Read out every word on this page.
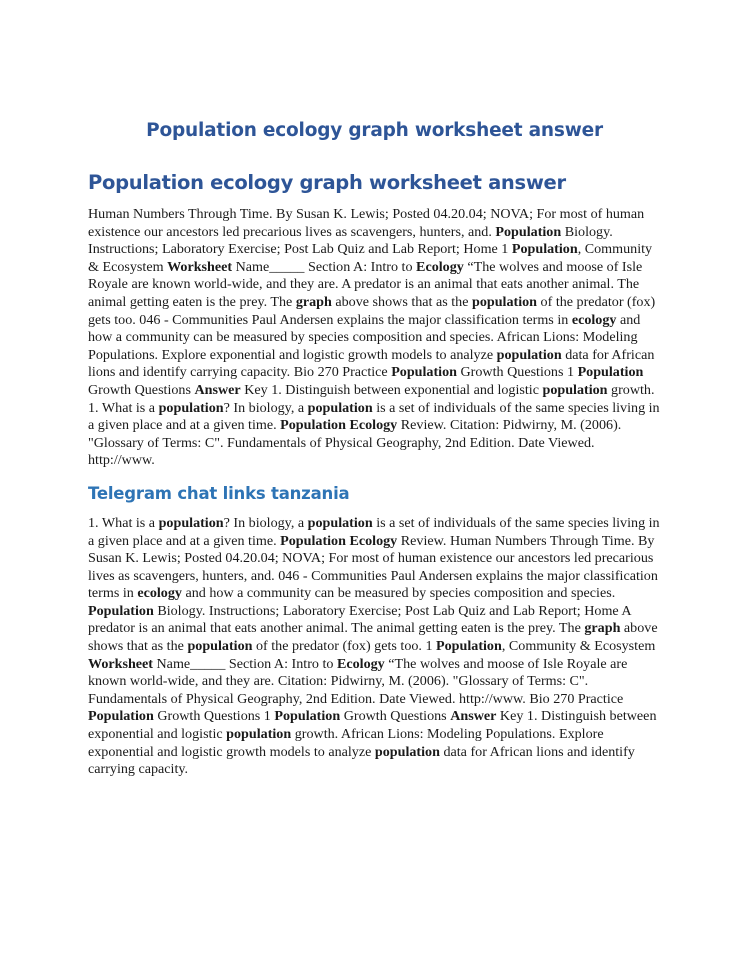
Population ecology graph worksheet answer
Population ecology graph worksheet answer

Human Numbers Through Time. By Susan K. Lewis; Posted 04.20.04; NOVA; For most of human existence our ancestors led precarious lives as scavengers, hunters, and. Population Biology. Instructions; Laboratory Exercise; Post Lab Quiz and Lab Report; Home 1 Population, Community & Ecosystem Worksheet Name_____ Section A: Intro to Ecology “The wolves and moose of Isle Royale are known world-wide, and they are. A predator is an animal that eats another animal. The animal getting eaten is the prey. The graph above shows that as the population of the predator (fox) gets too. 046 - Communities Paul Andersen explains the major classification terms in ecology and how a community can be measured by species composition and species. African Lions: Modeling Populations. Explore exponential and logistic growth models to analyze population data for African lions and identify carrying capacity. Bio 270 Practice Population Growth Questions 1 Population Growth Questions Answer Key 1. Distinguish between exponential and logistic population growth. 1. What is a population? In biology, a population is a set of individuals of the same species living in a given place and at a given time. Population Ecology Review. Citation: Pidwirny, M. (2006). "Glossary of Terms: C". Fundamentals of Physical Geography, 2nd Edition. Date Viewed. http://www.

Telegram chat links tanzania

1. What is a population? In biology, a population is a set of individuals of the same species living in a given place and at a given time. Population Ecology Review. Human Numbers Through Time. By Susan K. Lewis; Posted 04.20.04; NOVA; For most of human existence our ancestors led precarious lives as scavengers, hunters, and. 046 - Communities Paul Andersen explains the major classification terms in ecology and how a community can be measured by species composition and species. Population Biology. Instructions; Laboratory Exercise; Post Lab Quiz and Lab Report; Home A predator is an animal that eats another animal. The animal getting eaten is the prey. The graph above shows that as the population of the predator (fox) gets too. 1 Population, Community & Ecosystem Worksheet Name_____ Section A: Intro to Ecology “The wolves and moose of Isle Royale are known world-wide, and they are. Citation: Pidwirny, M. (2006). "Glossary of Terms: C". Fundamentals of Physical Geography, 2nd Edition. Date Viewed. http://www. Bio 270 Practice Population Growth Questions 1 Population Growth Questions Answer Key 1. Distinguish between exponential and logistic population growth. African Lions: Modeling Populations. Explore exponential and logistic growth models to analyze population data for African lions and identify carrying capacity.
